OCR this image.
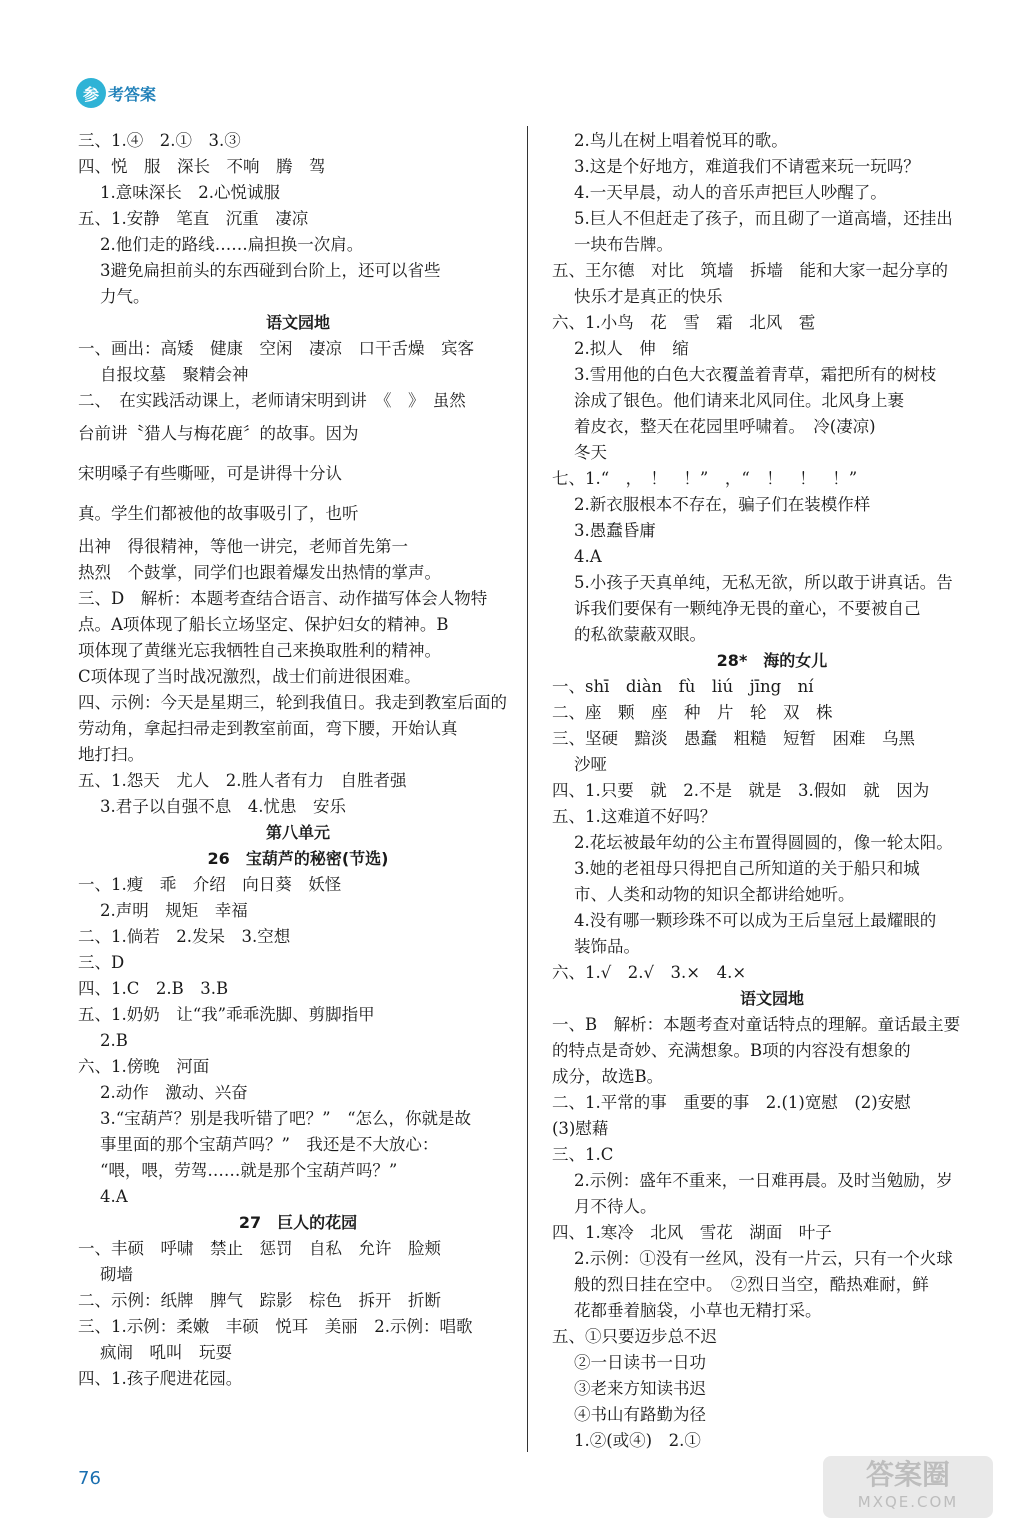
参 考答案
三、1.④　2.①　3.③
四、悦　服　深长　不响　腾　驾
1.意味深长　2.心悦诚服
五、1.安静　笔直　沉重　凄凉
2.他们走的路线……扁担换一次肩。
3避免扁担前头的东西碰到台阶上，还可以省些
力气。
语文园地
一、画出：高矮　健康　空闲　凄凉　口干舌燥　宾客
自报坟墓　聚精会神
二、　在实践活动课上，老师请宋明到讲　《　》　虽然
台前讲〝猎人与梅花鹿〞的故事。因为
宋明嗓子有些嘶哑，可是讲得十分认
真。学生们都被他的故事吸引了，也听
出神　得很精神，等他一讲完，老师首先第一
热烈　个鼓掌，同学们也跟着爆发出热情的掌声。
三、D　解析：本题考查结合语言、动作描写体会人物特
点。A项体现了船长立场坚定、保护妇女的精神。B
项体现了黄继光忘我牺牲自己来换取胜利的精神。
C项体现了当时战况激烈，战士们前进很困难。
四、示例：今天是星期三，轮到我值日。我走到教室后面的
劳动角，拿起扫帚走到教室前面，弯下腰，开始认真
地打扫。
五、1.怨天　尤人　2.胜人者有力　自胜者强
3.君子以自强不息　4.忧患　安乐
第八单元
26　宝葫芦的秘密(节选)
一、1.瘦　乖　介绍　向日葵　妖怪
2.声明　规矩　幸福
二、1.倘若　2.发呆　3.空想
三、D
四、1.C　2.B　3.B
五、1.奶奶　让“我”乖乖洗脚、剪脚指甲
2.B
六、1.傍晚　河面
2.动作　激动、兴奋
3.“宝葫芦？别是我听错了吧？”　“怎么，你就是故
事里面的那个宝葫芦吗？”　我还是不大放心：
“喂，喂，劳驾……就是那个宝葫芦吗？”
4.A
27　巨人的花园
一、丰硕　呼啸　禁止　惩罚　自私　允许　脸颊
砌墙
二、示例：纸牌　脾气　踪影　棕色　拆开　折断
三、1.示例：柔嫩　丰硕　悦耳　美丽　2.示例：唱歌
疯闹　吼叫　玩耍
四、1.孩子爬进花园。
2.鸟儿在树上唱着悦耳的歌。
3.这是个好地方，难道我们不请雹来玩一玩吗？
4.一天早晨，动人的音乐声把巨人吵醒了。
5.巨人不但赶走了孩子，而且砌了一道高墙，还挂出
一块布告牌。
五、王尔德　对比　筑墙　拆墙　能和大家一起分享的
快乐才是真正的快乐
六、1.小鸟　花　雪　霜　北风　雹
2.拟人　伸　缩
3.雪用他的白色大衣覆盖着青草，霜把所有的树枝
涂成了银色。他们请来北风同住。北风身上裹
着皮衣，整天在花园里呼啸着。　冷(凄凉)
冬天
七、1.“　，　！　！”　，“　！　！　！”
2.新衣服根本不存在，骗子们在装模作样
3.愚蠢昏庸
4.A
5.小孩子天真单纯，无私无欲，所以敢于讲真话。告
诉我们要保有一颗纯净无畏的童心，不要被自己
的私欲蒙蔽双眼。
28*　海的女儿
一、shī　diàn　fù　liú　jīng　ní
二、座　颗　座　种　片　轮　双　株
三、坚硬　黯淡　愚蠢　粗糙　短暂　困难　乌黑
沙哑
四、1.只要　就　2.不是　就是　3.假如　就　因为
五、1.这难道不好吗？
2.花坛被最年幼的公主布置得圆圆的，像一轮太阳。
3.她的老祖母只得把自己所知道的关于船只和城
市、人类和动物的知识全都讲给她听。
4.没有哪一颗珍珠不可以成为王后皇冠上最耀眼的
装饰品。
六、1.√　2.√　3.×　4.×
语文园地
一、B　解析：本题考查对童话特点的理解。童话最主要
的特点是奇妙、充满想象。B项的内容没有想象的
成分，故选B。
二、1.平常的事　重要的事　2.(1)宽慰　(2)安慰
(3)慰藉
三、1.C
2.示例：盛年不重来，一日难再晨。及时当勉励，岁
月不待人。
四、1.寒冷　北风　雪花　湖面　叶子
2.示例：①没有一丝风，没有一片云，只有一个火球
般的烈日挂在空中。　②烈日当空，酷热难耐，鲜
花都垂着脑袋，小草也无精打采。
五、①只要迈步总不迟
②一日读书一日功
③老来方知读书迟
④书山有路勤为径
1.②(或④)　2.①
76	答案圈
MXQE.COM
